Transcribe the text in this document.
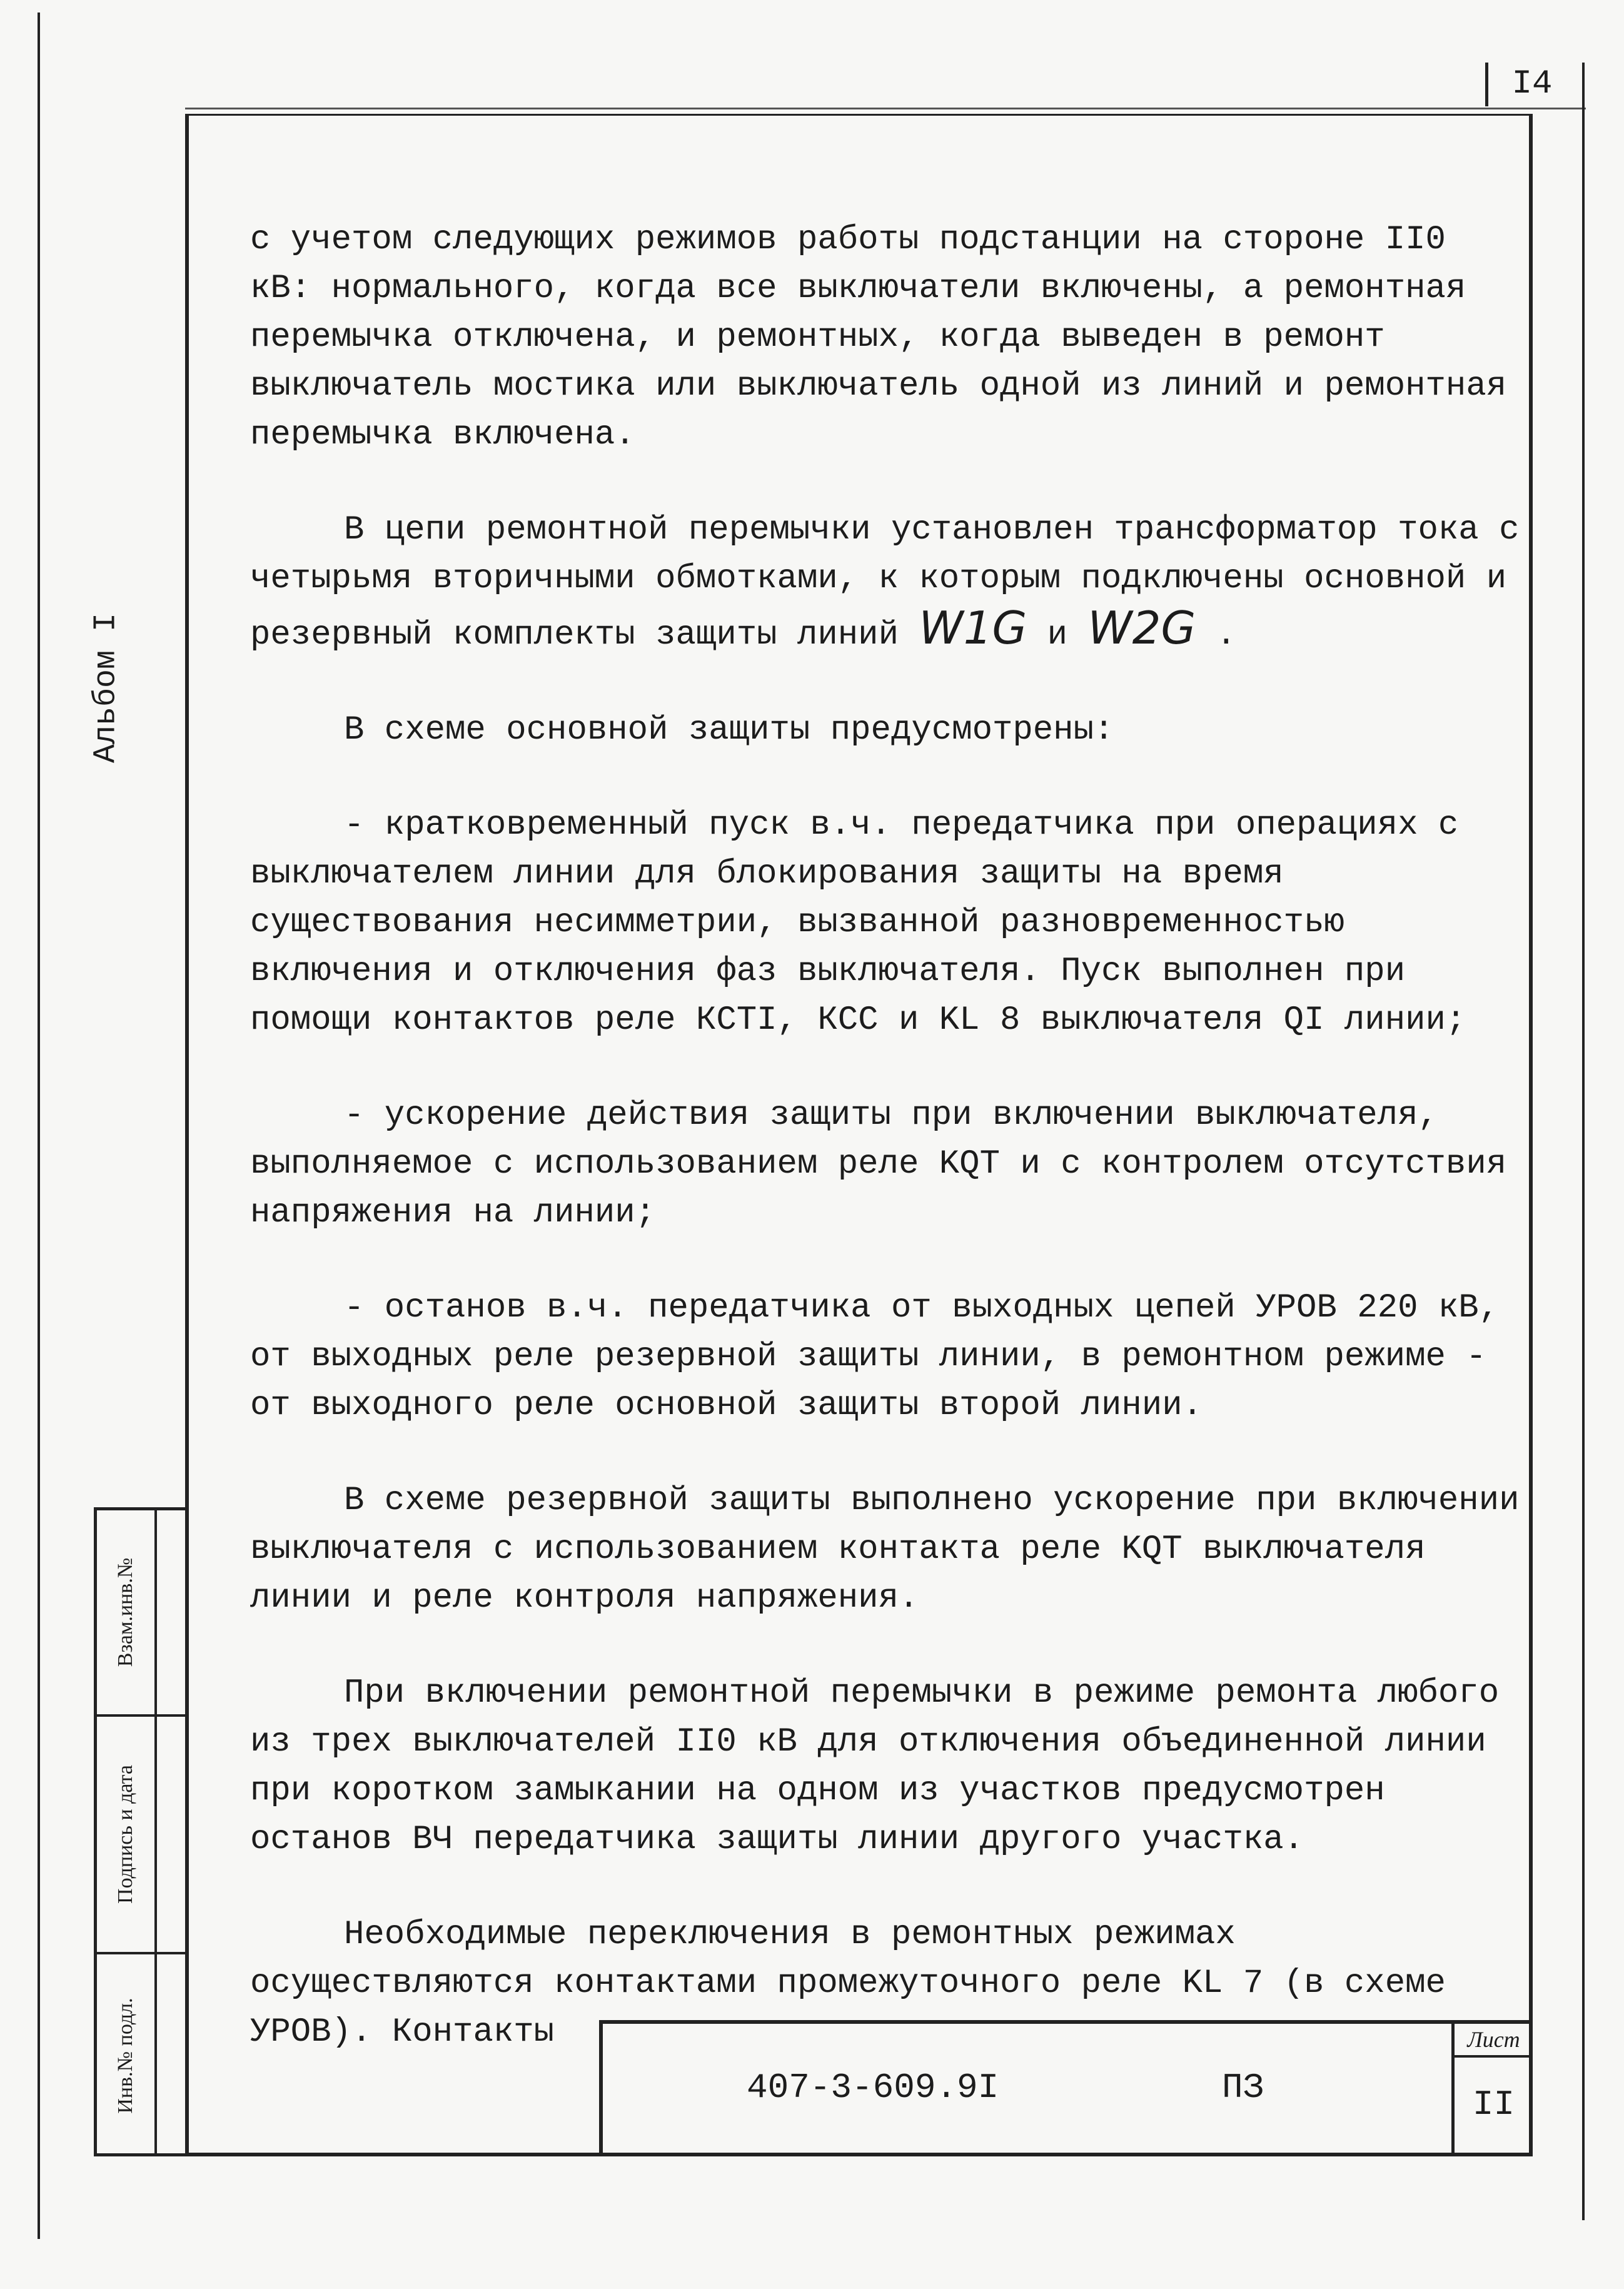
I4
Альбом I
Взам.инв.№
Подпись и дата
Инв.№ подл.

с учетом следующих режимов работы подстанции на стороне II0 кВ: нормального, когда все выключатели включены, а ремонтная перемычка отключена, и ремонтных, когда выведен в ремонт выключатель мостика или выключатель одной из линий и ремонтная перемычка включена.

В цепи ремонтной перемычки установлен трансформатор тока с четырьмя вторичными обмотками, к которым подключены основной и резервный комплекты защиты линий W1G и W2G .

В схеме основной защиты предусмотрены:

- кратковременный пуск в.ч. передатчика при операциях с выключателем линии для блокирования защиты на время существования несимметрии, вызванной разновременностью включения и отключения фаз выключателя. Пуск выполнен при помощи контактов реле КСТI, КСС и KL 8 выключателя QI линии;

- ускорение действия защиты при включении выключателя, выполняемое с использованием реле KQT и с контролем отсутствия напряжения на линии;

- останов в.ч. передатчика от выходных цепей УРОВ 220 кВ, от выходных реле резервной защиты линии, в ремонтном режиме - от выходного реле основной защиты второй линии.

В схеме резервной защиты выполнено ускорение при включении выключателя с использованием контакта реле KQT выключателя линии и реле контроля напряжения.

При включении ремонтной перемычки в режиме ремонта любого из трех выключателей II0 кВ для отключения объединенной линии при коротком замыкании на одном из участков предусмотрен останов ВЧ передатчика защиты линии другого участка.

Необходимые переключения в ремонтных режимах осуществляются контактами промежуточного реле KL 7 (в схеме УРОВ). Контакты

407-3-609.9I	ПЗ
Лист
II
